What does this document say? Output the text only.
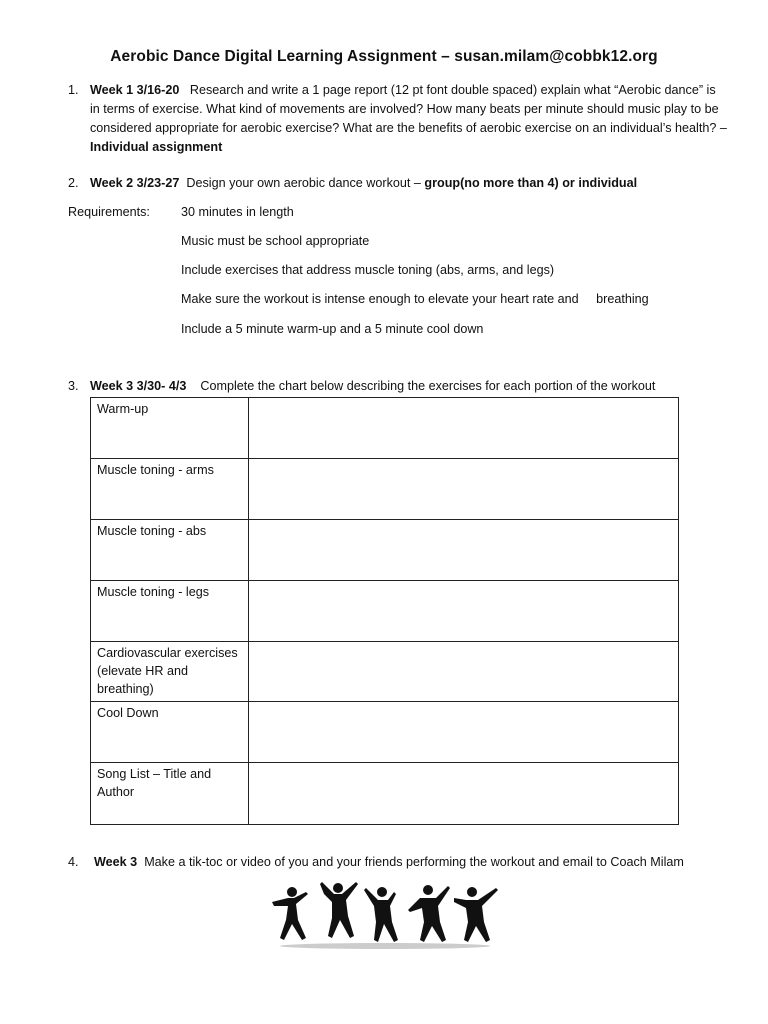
Aerobic Dance Digital Learning Assignment – susan.milam@cobbk12.org
1. Week 1 3/16-20 Research and write a 1 page report (12 pt font double spaced) explain what “Aerobic dance” is in terms of exercise. What kind of movements are involved? How many beats per minute should music play to be considered appropriate for aerobic exercise? What are the benefits of aerobic exercise on an individual’s health? – Individual assignment
2. Week 2 3/23-27 Design your own aerobic dance workout – group(no more than 4) or individual
Requirements: 30 minutes in length
Music must be school appropriate
Include exercises that address muscle toning (abs, arms, and legs)
Make sure the workout is intense enough to elevate your heart rate and     breathing
Include a 5 minute warm-up and a 5 minute cool down
3. Week 3 3/30- 4/3 Complete the chart below describing the exercises for each portion of the workout
Warm-up	
Muscle toning - arms	
Muscle toning - abs	
Muscle toning - legs	
Cardiovascular exercises (elevate HR and breathing)	
Cool Down	
Song List – Title and Author	
4.	Week 3 Make a tik-toc or video of you and your friends performing the workout and email to Coach Milam
